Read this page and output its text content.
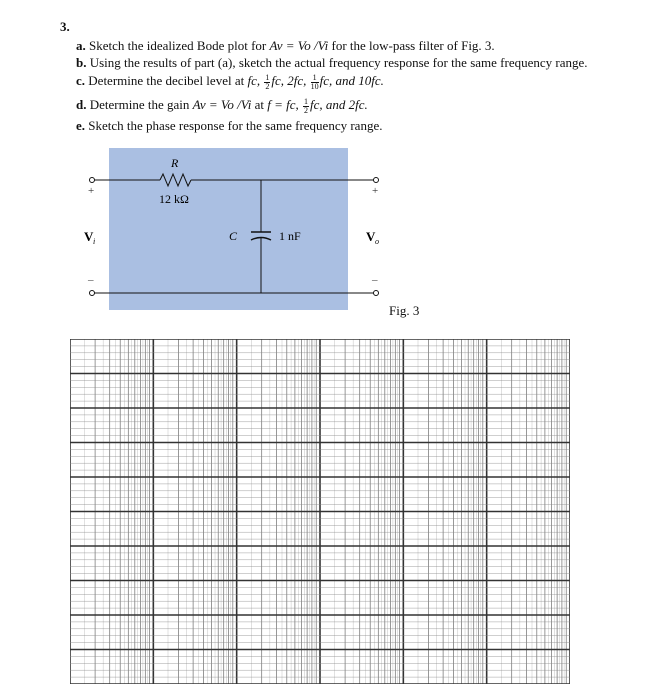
3.
a. Sketch the idealized Bode plot for Av = Vo /Vi for the low-pass filter of Fig. 3.
b. Using the results of part (a), sketch the actual frequency response for the same frequency range.
c. Determine the decibel level at fc, $\frac{1}{2}$ fc, 2fc, $\frac{1}{10}$ fc, and 10fc.
d. Determine the gain Av = Vo /Vi at f = fc, $\frac{1}{2}$ fc, and 2fc.
e. Sketch the phase response for the same frequency range.
R
12 kΩ
C	1 nF
+
–
+
–
V i	V o
Fig. 3
